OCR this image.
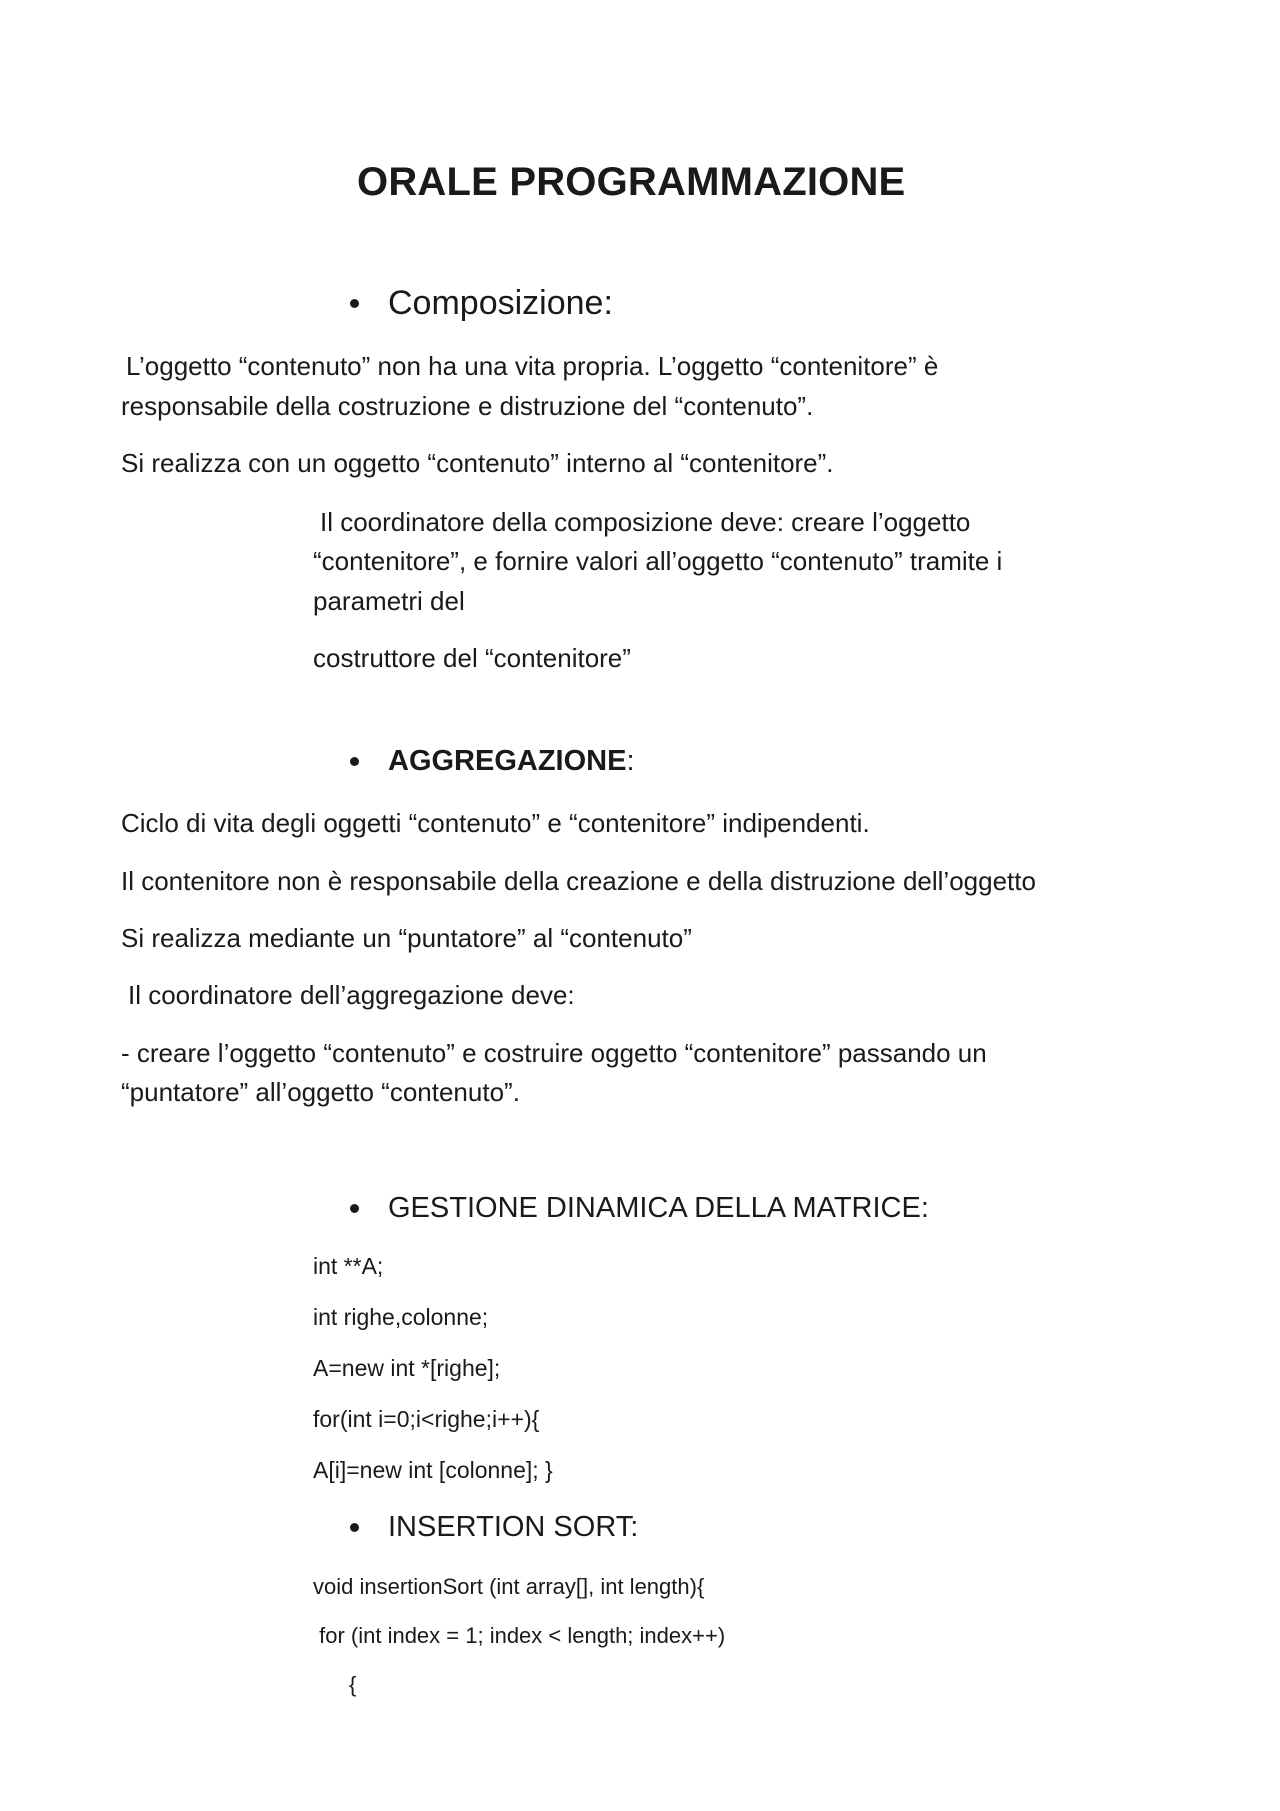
ORALE PROGRAMMAZIONE
Composizione:

L’oggetto “contenuto” non ha una vita propria. L’oggetto “contenitore” è

responsabile della costruzione e distruzione del “contenuto”.

Si realizza con un oggetto “contenuto” interno al “contenitore”.

Il coordinatore della composizione deve: creare l’oggetto

“contenitore”, e fornire valori all’oggetto “contenuto” tramite i

parametri del

costruttore del “contenitore”

AGGREGAZIONE:

Ciclo di vita degli oggetti “contenuto” e “contenitore” indipendenti.

Il contenitore non è responsabile della creazione e della distruzione dell’oggetto

Si realizza mediante un “puntatore” al “contenuto”

Il coordinatore dell’aggregazione deve:

- creare l’oggetto “contenuto” e costruire oggetto “contenitore” passando un

“puntatore” all’oggetto “contenuto”.

GESTIONE DINAMICA DELLA MATRICE:

int **A;

int righe,colonne;

A=new int *[righe];

for(int i=0;i<righe;i++){

A[i]=new int [colonne]; }

INSERTION SORT:

void insertionSort (int array[], int length){

for (int index = 1; index < length; index++)

{
